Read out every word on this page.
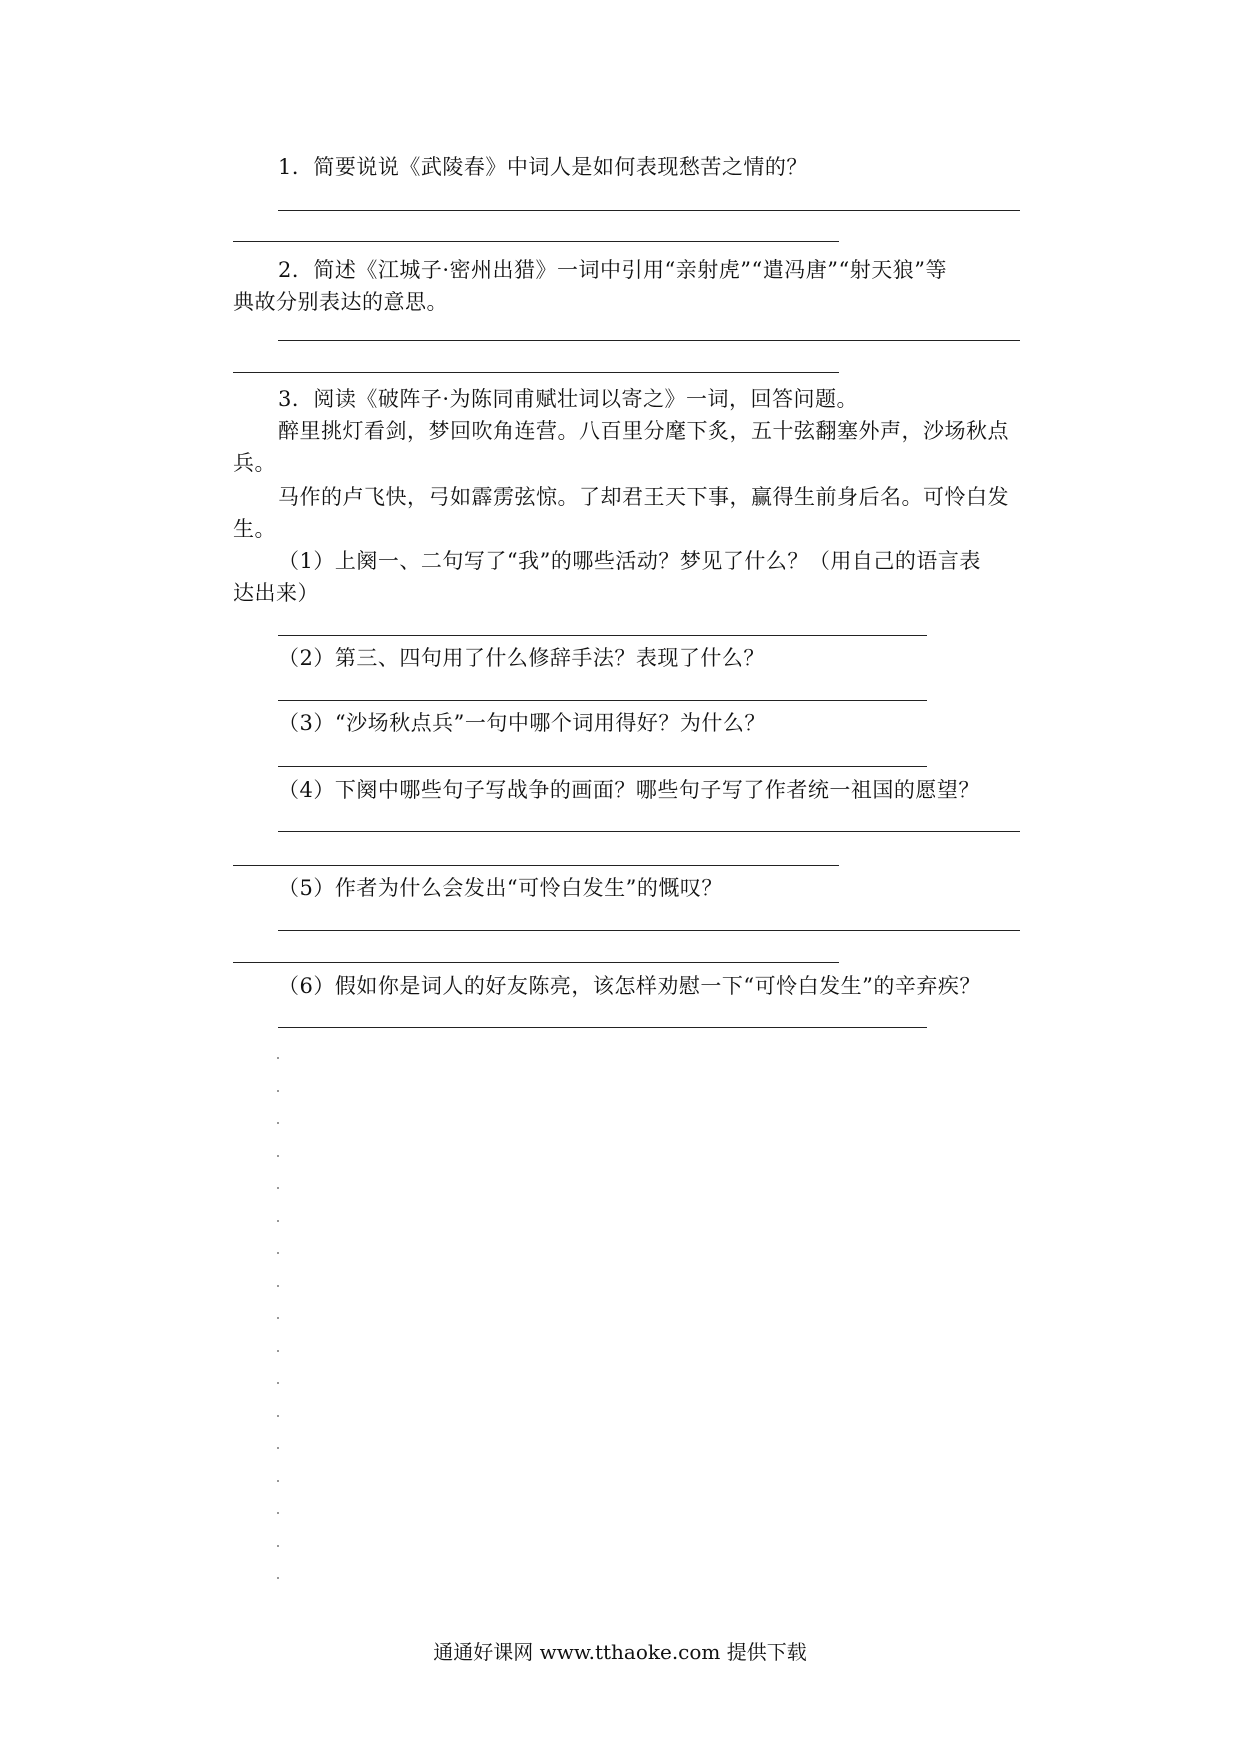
1．简要说说《武陵春》中词人是如何表现愁苦之情的？
2．简述《江城子·密州出猎》一词中引用“亲射虎”“遣冯唐”“射天狼”等
典故分别表达的意思。
3．阅读《破阵子·为陈同甫赋壮词以寄之》一词，回答问题。
醉里挑灯看剑，梦回吹角连营。八百里分麾下炙，五十弦翻塞外声，沙场秋点
兵。
马作的卢飞快，弓如霹雳弦惊。了却君王天下事，赢得生前身后名。可怜白发
生。
（1）上阕一、二句写了“我”的哪些活动？梦见了什么？（用自己的语言表
达出来）
（2）第三、四句用了什么修辞手法？表现了什么？
（3）“沙场秋点兵”一句中哪个词用得好？为什么？
（4）下阕中哪些句子写战争的画面？哪些句子写了作者统一祖国的愿望？
（5）作者为什么会发出“可怜白发生”的慨叹？
（6）假如你是词人的好友陈亮，该怎样劝慰一下“可怜白发生”的辛弃疾？
通通好课网 www.tthaoke.com 提供下载
